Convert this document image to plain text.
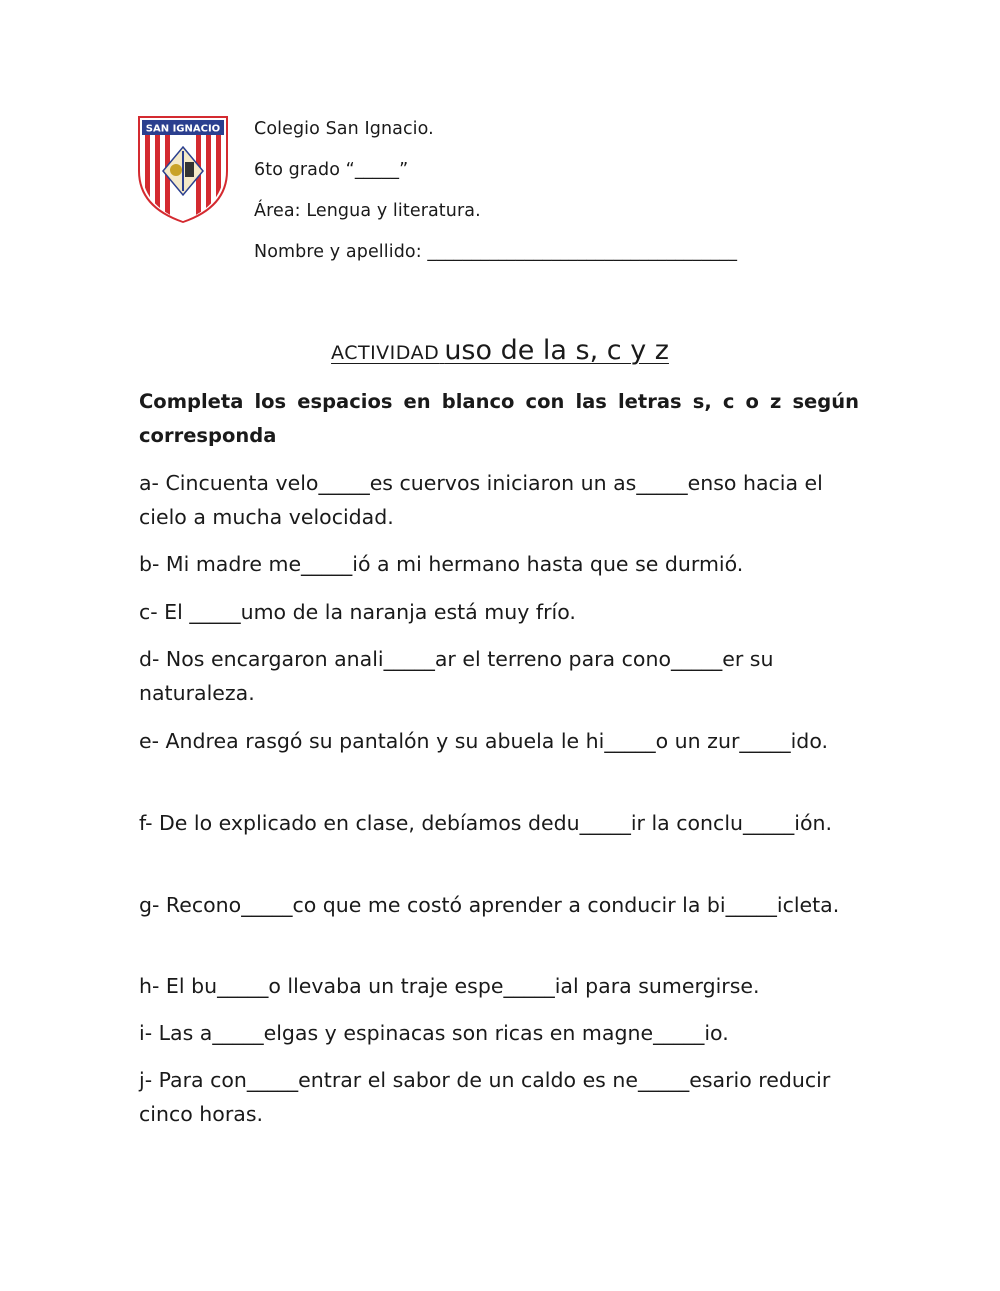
SAN IGNACIO Colegio San Ignacio.
6to grado “_____”
Área: Lengua y literatura.
Nombre y apellido: ___________________________________
ACTIVIDAD uso de la s, c y z
Completa los espacios en blanco con las letras s, c o z según corresponda
a- Cincuenta velo_____es cuervos iniciaron un as_____enso hacia el cielo a mucha velocidad.
b- Mi madre me_____ió a mi hermano hasta que se durmió.
c- El _____umo de la naranja está muy frío.
d- Nos encargaron anali_____ar el terreno para cono_____er su naturaleza.
e- Andrea rasgó su pantalón y su abuela le hi_____o un zur_____ido.
f- De lo explicado en clase, debíamos dedu_____ir la conclu_____ión.
g- Recono_____co que me costó aprender a conducir la bi_____icleta.
h- El bu_____o llevaba un traje espe_____ial para sumergirse.
i- Las a_____elgas y espinacas son ricas en magne_____io.
j- Para con_____entrar el sabor de un caldo es ne_____esario reducir cinco horas.
